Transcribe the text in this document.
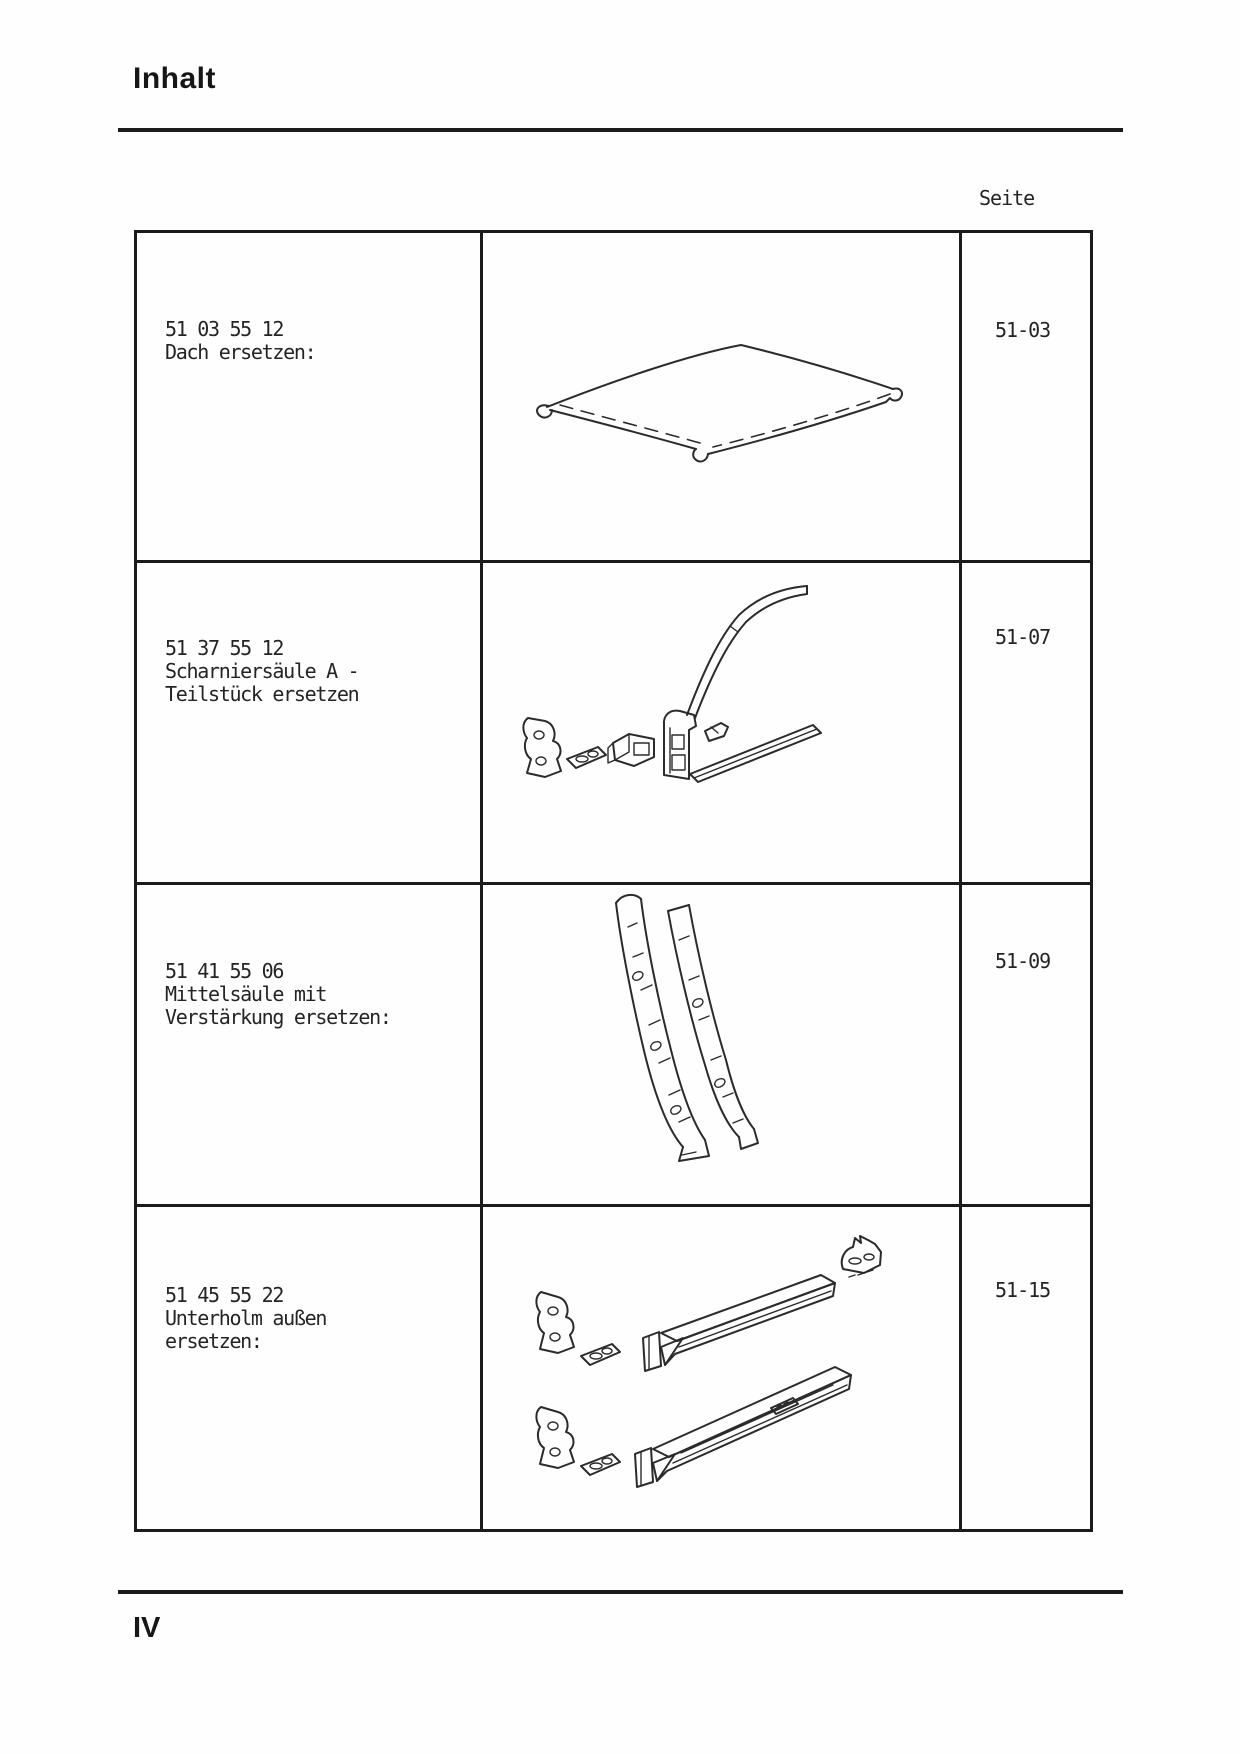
Inhalt
Seite
51 03 55 12
Dach ersetzen:
51-03
51 37 55 12
Scharniersäule A -
Teilstück ersetzen
51-07
51 41 55 06
Mittelsäule mit
Verstärkung ersetzen:
51-09
51 45 55 22
Unterholm außen
ersetzen:
51-15
IV
